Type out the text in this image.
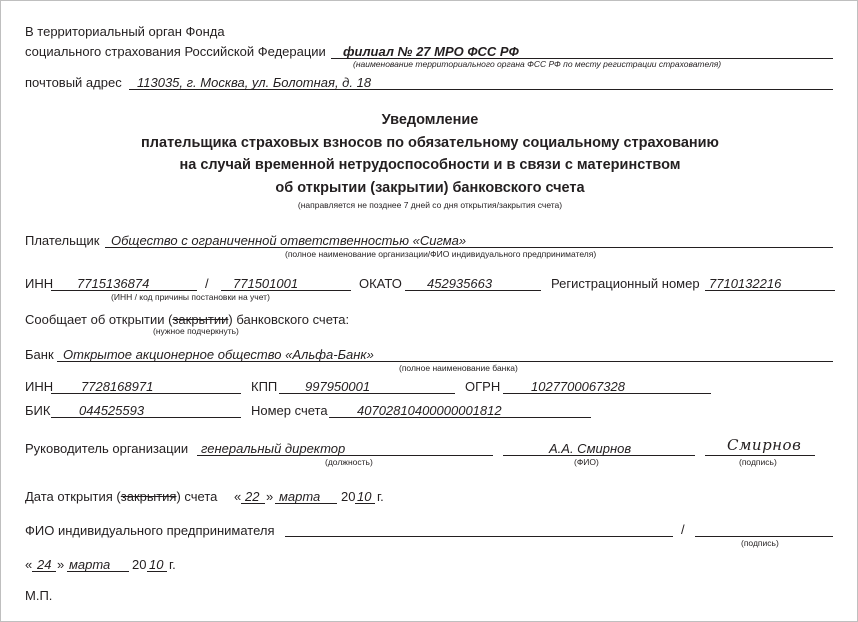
В территориальный орган Фонда
социального страхования Российской Федерации филиал № 27 МРО ФСС РФ
(наименование территориального органа ФСС РФ по месту регистрации страхователя)
почтовый адрес 113035, г. Москва, ул. Болотная, д. 18
Уведомление
плательщика страховых взносов по обязательному социальному страхованию
на случай временной нетрудоспособности и в связи с материнством
об открытии (закрытии) банковского счета
(направляется не позднее 7 дней со дня открытия/закрытия счета)
Плательщик Общество с ограниченной ответственностью «Сигма»
(полное наименование организации/ФИО индивидуального предпринимателя)
ИНН 7715136874	/ 771501001
(ИНН / код причины постановки на учет)
ОКАТО 452935663	Регистрационный номер 7710132216
Сообщает об открытии (закрытии) банковского счета:
(нужное подчеркнуть)
Банк Открытое акционерное общество «Альфа-Банк»
(полное наименование банка)
ИНН 7728168971	КПП 997950001	ОГРН 1027700067328
БИК 044525593	Номер счета 40702810400000001812
Руководитель организации генеральный директор
(должность)
А.А. Смирнов
(ФИО)
Смирнов
(подпись)
Дата открытия (закрытия) счета « 22 » марта 20 10 г.
ФИО индивидуального предпринимателя	/
(подпись)
« 24 » марта 20 10 г.
М.П.
